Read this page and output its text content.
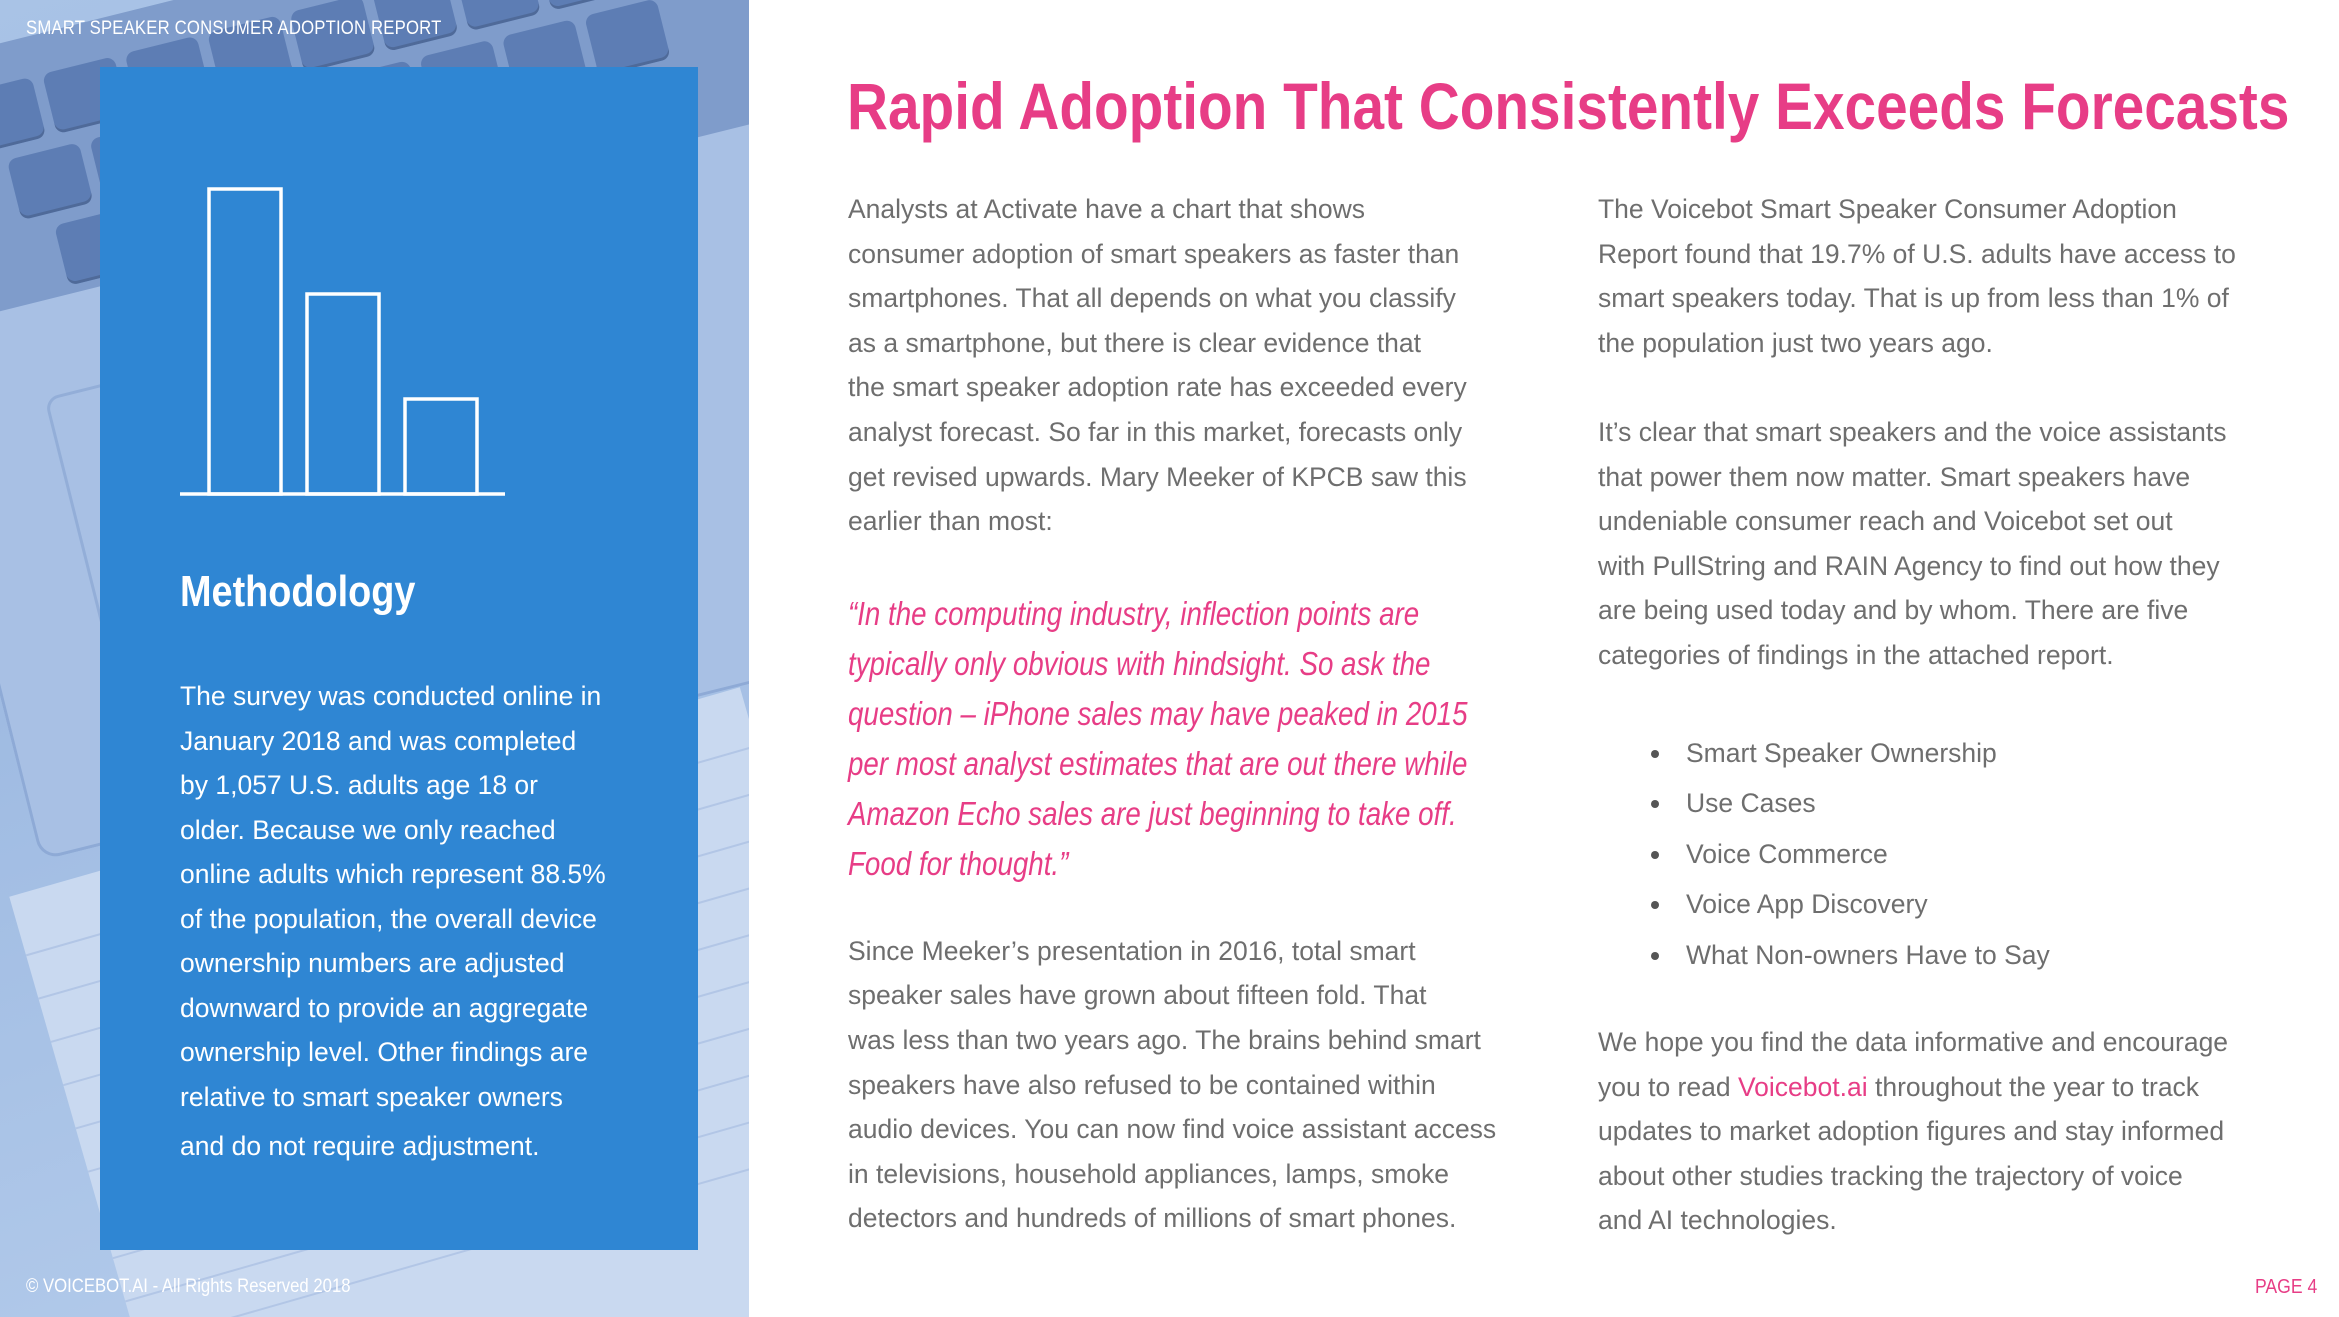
SMART SPEAKER CONSUMER ADOPTION REPORT
Methodology
The survey was conducted online in
January 2018 and was completed
by 1,057 U.S. adults age 18 or
older. Because we only reached
online adults which represent 88.5%
of the population, the overall device
ownership numbers are adjusted
downward to provide an aggregate
ownership level. Other findings are
relative to smart speaker owners
and do not require adjustment.
© VOICEBOT.AI - All Rights Reserved 2018
Rapid Adoption That Consistently Exceeds Forecasts
Analysts at Activate have a chart that shows
consumer adoption of smart speakers as faster than
smartphones. That all depends on what you classify
as a smartphone, but there is clear evidence that
the smart speaker adoption rate has exceeded every
analyst forecast. So far in this market, forecasts only
get revised upwards. Mary Meeker of KPCB saw this
earlier than most:
“In the computing industry, inflection points are
typically only obvious with hindsight. So ask the
question – iPhone sales may have peaked in 2015
per most analyst estimates that are out there while
Amazon Echo sales are just beginning to take off.
Food for thought.”
Since Meeker’s presentation in 2016, total smart
speaker sales have grown about fifteen fold. That
was less than two years ago. The brains behind smart
speakers have also refused to be contained within
audio devices. You can now find voice assistant access
in televisions, household appliances, lamps, smoke
detectors and hundreds of millions of smart phones.
The Voicebot Smart Speaker Consumer Adoption
Report found that 19.7% of U.S. adults have access to
smart speakers today. That is up from less than 1% of
the population just two years ago.
It’s clear that smart speakers and the voice assistants
that power them now matter. Smart speakers have
undeniable consumer reach and Voicebot set out
with PullString and RAIN Agency to find out how they
are being used today and by whom. There are five
categories of findings in the attached report.
Smart Speaker Ownership
Use Cases
Voice Commerce
Voice App Discovery
What Non-owners Have to Say
We hope you find the data informative and encourage
you to read Voicebot.ai throughout the year to track
updates to market adoption figures and stay informed
about other studies tracking the trajectory of voice
and AI technologies.
PAGE 4
